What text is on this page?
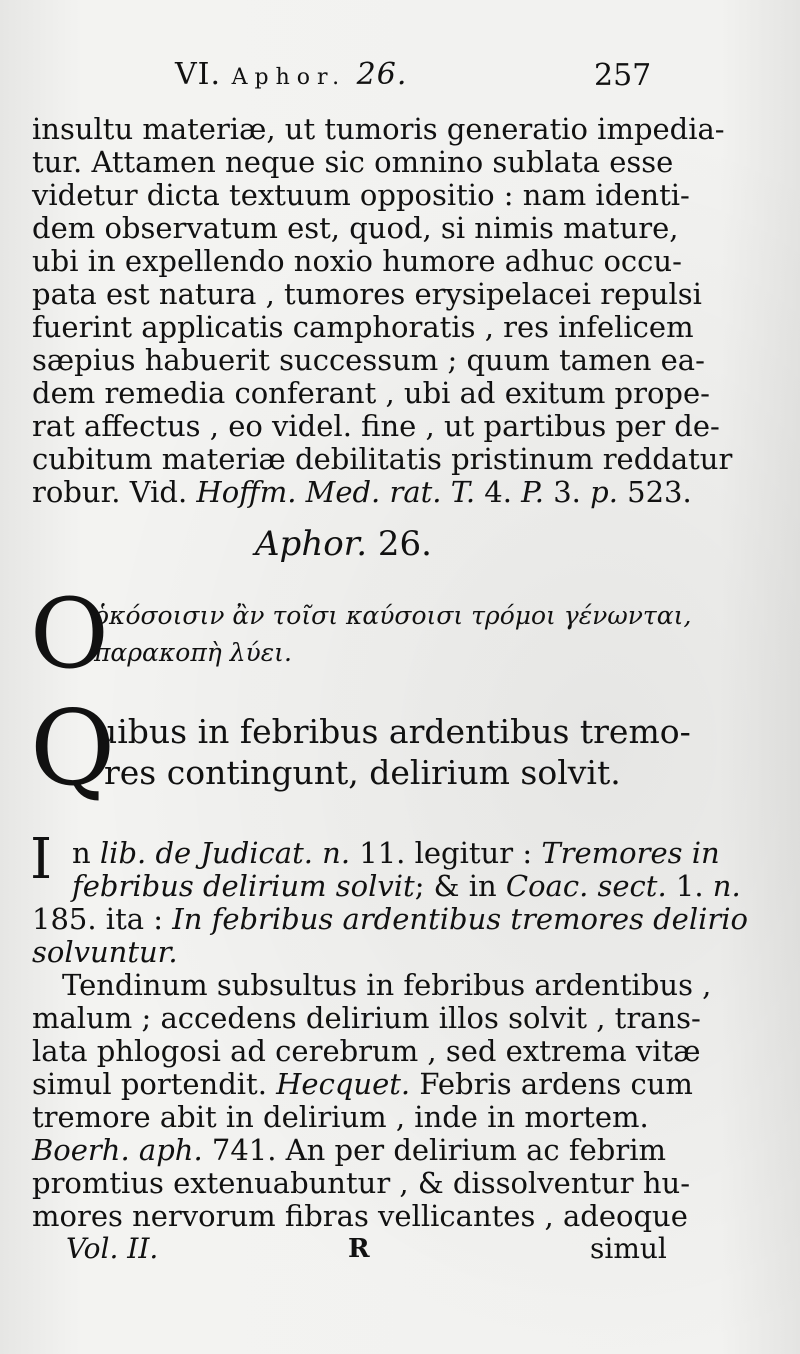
VI. Aphor. 26.	257
insultu materiæ, ut tumoris generatio impedia-
tur. Attamen neque sic omnino sublata esse
videtur dicta textuum oppositio : nam identi-
dem observatum est, quod, si nimis mature,
ubi in expellendo noxio humore adhuc occu-
pata est natura , tumores erysipelacei repulsi
fuerint applicatis camphoratis , res infelicem
sæpius habuerit successum ; quum tamen ea-
dem remedia conferant , ubi ad exitum prope-
rat affectus , eo videl. fine , ut partibus per de-
cubitum materiæ debilitatis pristinum reddatur
robur. Vid. Hoffm. Med. rat. T. 4. P. 3. p. 523.
Aphor. 26.
O
ὁκόσοισιν ἂν τοῖσι καύσοισι τρόμοι γένωνται,
παρακοπὴ λύει.
Q
uibus in febribus ardentibus tremo-
res contingunt, delirium solvit.
I n lib. de Judicat. n. 11. legitur : Tremores in
febribus delirium solvit; & in Coac. sect. 1. n.
185. ita : In febribus ardentibus tremores delirio
solvuntur.
Tendinum subsultus in febribus ardentibus ,
malum ; accedens delirium illos solvit , trans-
lata phlogosi ad cerebrum , sed extrema vitæ
simul portendit. Hecquet. Febris ardens cum
tremore abit in delirium , inde in mortem.
Boerh. aph. 741. An per delirium ac febrim
promtius extenuabuntur , & dissolventur hu-
mores nervorum fibras vellicantes , adeoque
Vol. II.	R	simul
